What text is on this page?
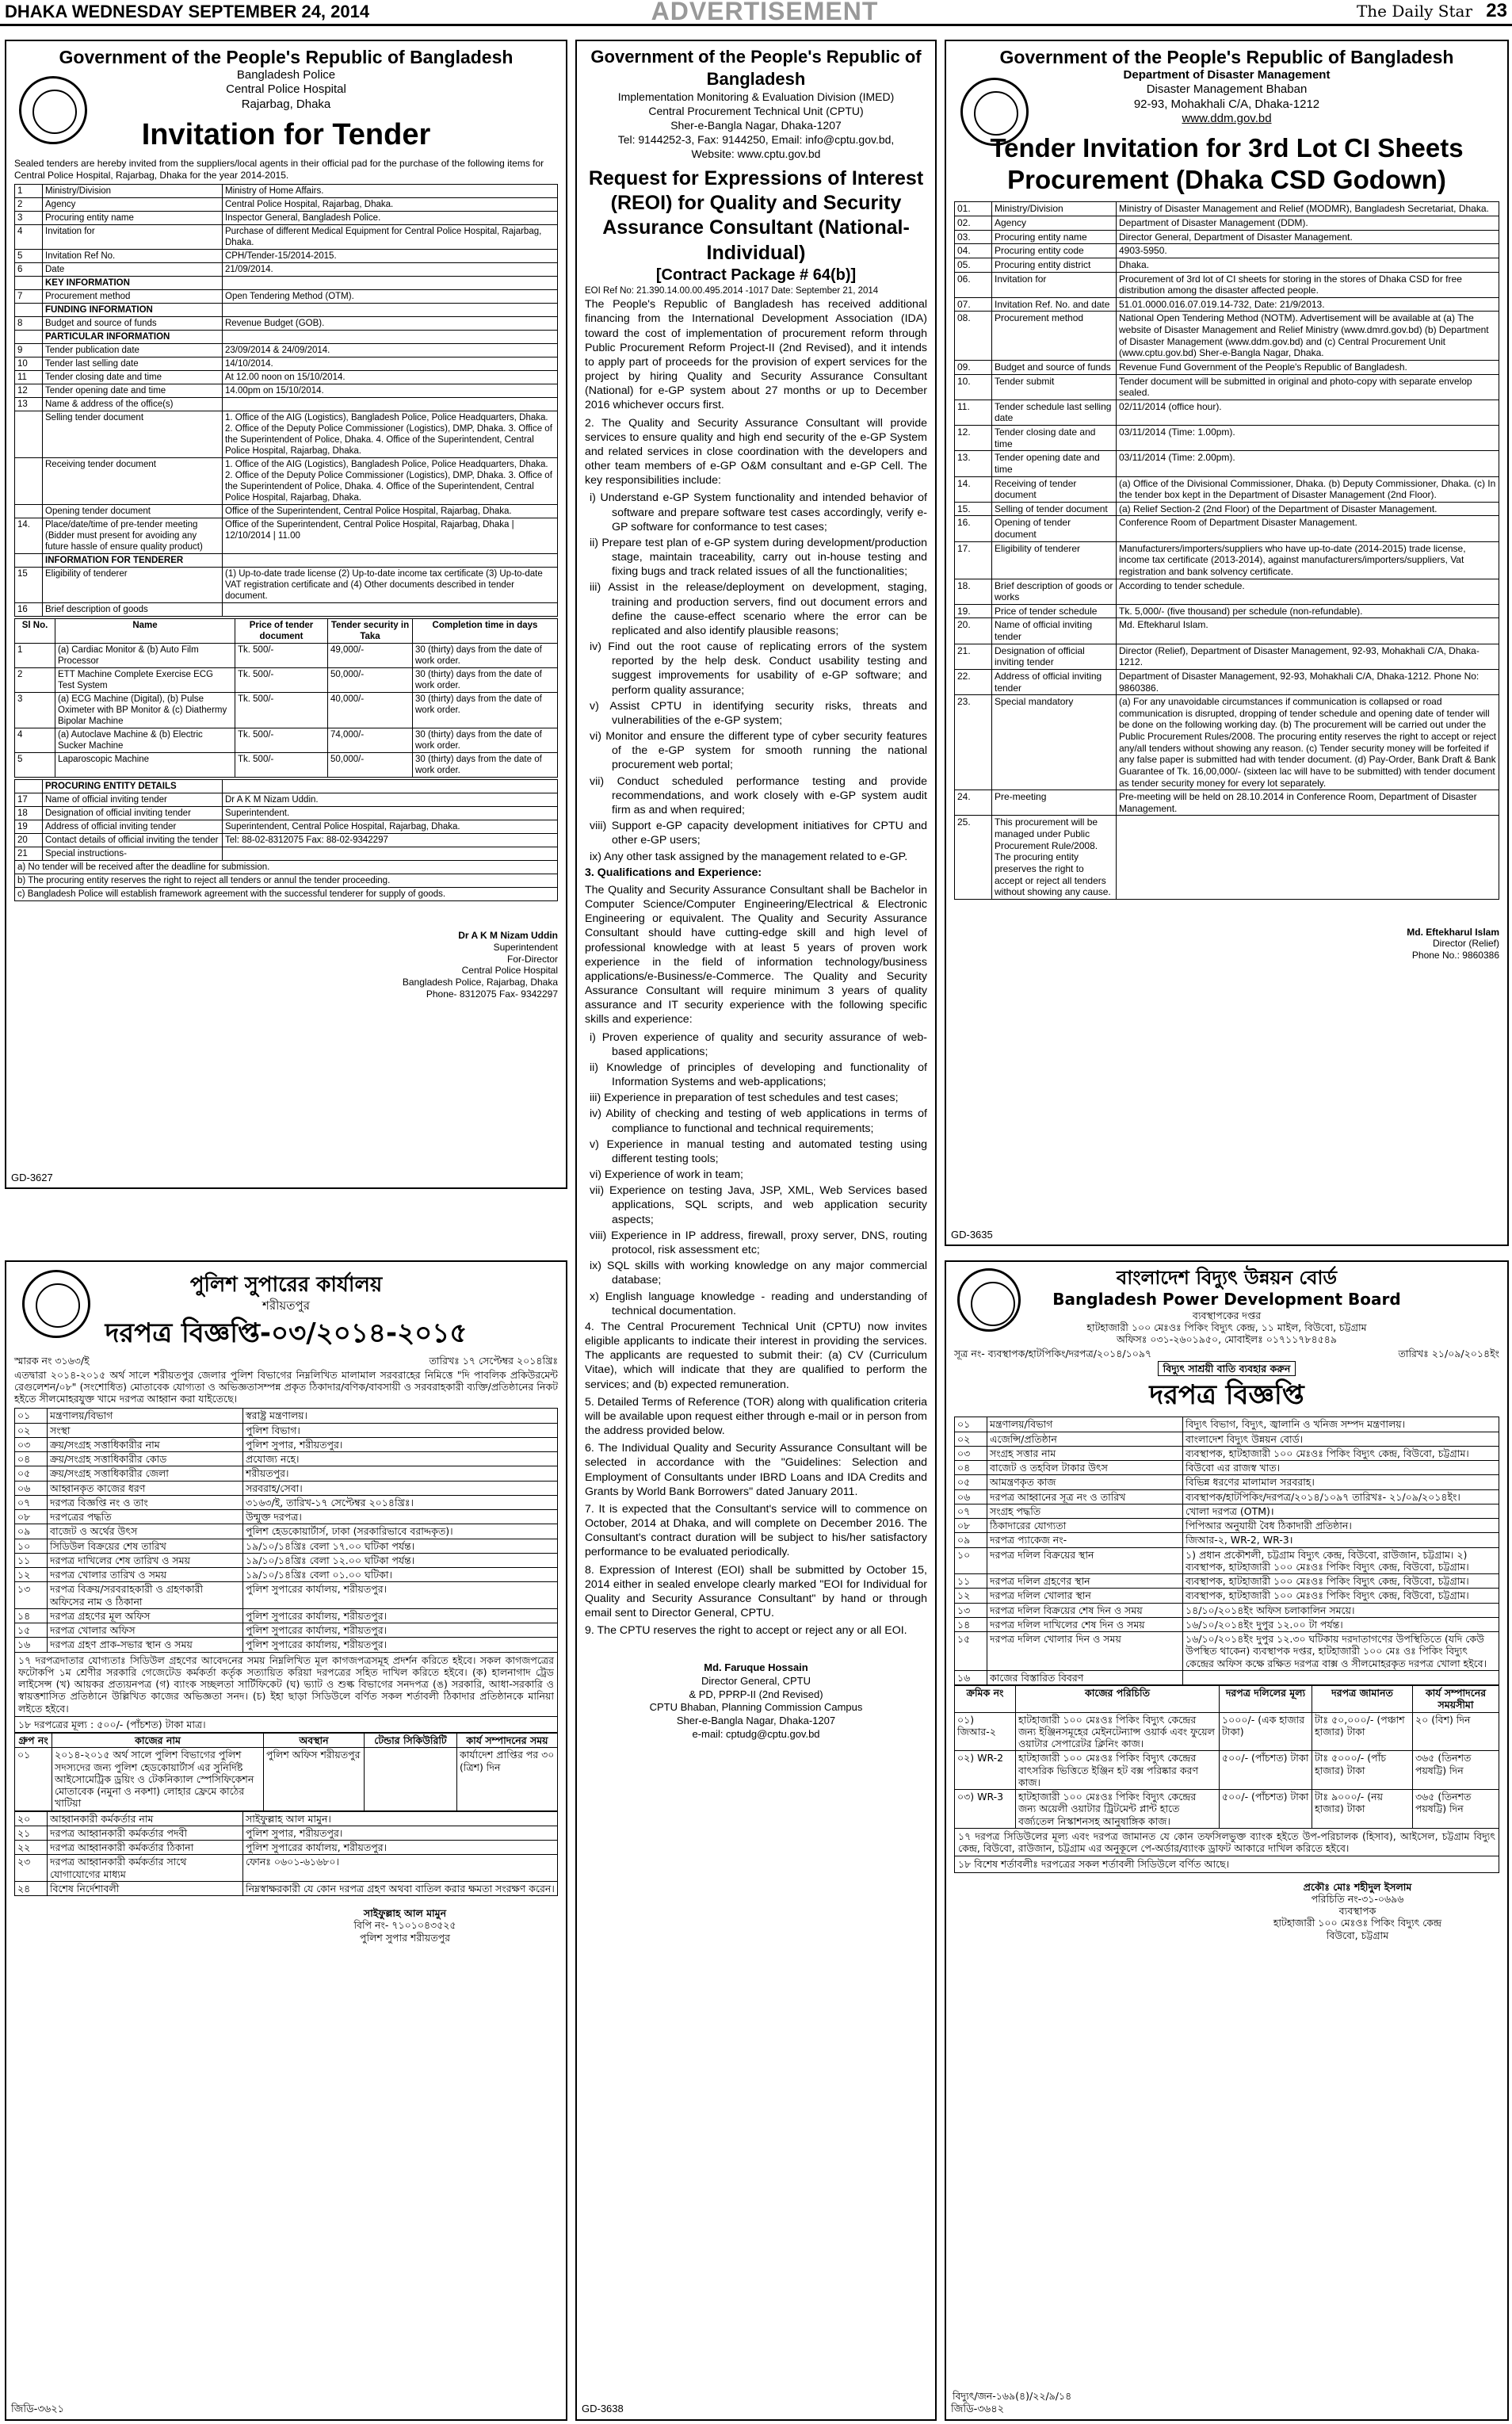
DHAKA WEDNESDAY SEPTEMBER 24, 2014	ADVERTISEMENT	The Daily Star 23
Government of the People's Republic of Bangladesh
Bangladesh Police
Central Police Hospital
Rajarbag, Dhaka
Invitation for Tender
Sealed tenders are hereby invited from the suppliers/local agents in their official pad for the purchase of the following items for Central Police Hospital, Rajarbag, Dhaka for the year 2014-2015.
1	Ministry/Division	Ministry of Home Affairs.
2	Agency	Central Police Hospital, Rajarbag, Dhaka.
3	Procuring entity name	Inspector General, Bangladesh Police.
4	Invitation for	Purchase of different Medical Equipment for Central Police Hospital, Rajarbag, Dhaka.
5	Invitation Ref No.	CPH/Tender-15/2014-2015.
6	Date	21/09/2014.
	KEY INFORMATION	
7	Procurement method	Open Tendering Method (OTM).
	FUNDING INFORMATION	
8	Budget and source of funds	Revenue Budget (GOB).
	PARTICULAR INFORMATION	
9	Tender publication date	23/09/2014 & 24/09/2014.
10	Tender last selling date	14/10/2014.
11	Tender closing date and time	At 12.00 noon on 15/10/2014.
12	Tender opening date and time	14.00pm on 15/10/2014.
13	Name & address of the office(s)	
	Selling tender document	1. Office of the AIG (Logistics), Bangladesh Police, Police Headquarters, Dhaka. 2. Office of the Deputy Police Commissioner (Logistics), DMP, Dhaka. 3. Office of the Superintendent of Police, Dhaka. 4. Office of the Superintendent, Central Police Hospital, Rajarbag, Dhaka.
	Receiving tender document	1. Office of the AIG (Logistics), Bangladesh Police, Police Headquarters, Dhaka. 2. Office of the Deputy Police Commissioner (Logistics), DMP, Dhaka. 3. Office of the Superintendent of Police, Dhaka. 4. Office of the Superintendent, Central Police Hospital, Rajarbag, Dhaka.
	Opening tender document	Office of the Superintendent, Central Police Hospital, Rajarbag, Dhaka.
14.	Place/date/time of pre-tender meeting (Bidder must present for avoiding any future hassle of ensure quality product)	Office of the Superintendent, Central Police Hospital, Rajarbag, Dhaka | 12/10/2014 | 11.00
	INFORMATION FOR TENDERER	
15	Eligibility of tenderer	(1) Up-to-date trade license (2) Up-to-date income tax certificate (3) Up-to-date VAT registration certificate and (4) Other documents described in tender document.
16	Brief description of goods	
Sl No.	Name	Price of tender document	Tender security in Taka	Completion time in days
1	(a) Cardiac Monitor & (b) Auto Film Processor	Tk. 500/-	49,000/-	30 (thirty) days from the date of work order.
2	ETT Machine Complete Exercise ECG Test System	Tk. 500/-	50,000/-	30 (thirty) days from the date of work order.
3	(a) ECG Machine (Digital), (b) Pulse Oximeter with BP Monitor & (c) Diathermy Bipolar Machine	Tk. 500/-	40,000/-	30 (thirty) days from the date of work order.
4	(a) Autoclave Machine & (b) Electric Sucker Machine	Tk. 500/-	74,000/-	30 (thirty) days from the date of work order.
5	Laparoscopic Machine	Tk. 500/-	50,000/-	30 (thirty) days from the date of work order.
	PROCURING ENTITY DETAILS	
17	Name of official inviting tender	Dr A K M Nizam Uddin.
18	Designation of official inviting tender	Superintendent.
19	Address of official inviting tender	Superintendent, Central Police Hospital, Rajarbag, Dhaka.
20	Contact details of official inviting the tender	Tel: 88-02-8312075 Fax: 88-02-9342297
21	Special instructions-	
a) No tender will be received after the deadline for submission.
b) The procuring entity reserves the right to reject all tenders or annul the tender proceeding.
c) Bangladesh Police will establish framework agreement with the successful tenderer for supply of goods.
Dr A K M Nizam Uddin
Superintendent
For-Director
Central Police Hospital
Bangladesh Police, Rajarbag, Dhaka
Phone- 8312075 Fax- 9342297
GD-3627
Government of the People's Republic of Bangladesh
Implementation Monitoring & Evaluation Division (IMED)
Central Procurement Technical Unit (CPTU)
Sher-e-Bangla Nagar, Dhaka-1207
Tel: 9144252-3, Fax: 9144250, Email: info@cptu.gov.bd,
Website: www.cptu.gov.bd
Request for Expressions of Interest (REOI) for Quality and Security Assurance Consultant (National-Individual)
[Contract Package # 64(b)]
EOI Ref No: 21.390.14.00.00.495.2014 -1017 Date: September 21, 2014

The People's Republic of Bangladesh has received additional financing from the International Development Association (IDA) toward the cost of implementation of procurement reform through Public Procurement Reform Project-II (2nd Revised), and it intends to apply part of proceeds for the provision of expert services for the project by hiring Quality and Security Assurance Consultant (National) for e-GP system about 27 months or up to December 2016 whichever occurs first.

2. The Quality and Security Assurance Consultant will provide services to ensure quality and high end security of the e-GP System and related services in close coordination with the developers and other team members of e-GP O&M consultant and e-GP Cell. The key responsibilities include:

i) Understand e-GP System functionality and intended behavior of software and prepare software test cases accordingly, verify e-GP software for conformance to test cases;
ii) Prepare test plan of e-GP system during development/production stage, maintain traceability, carry out in-house testing and fixing bugs and track related issues of all the functionalities;
iii) Assist in the release/deployment on development, staging, training and production servers, find out document errors and define the cause-effect scenario where the error can be replicated and also identify plausible reasons;
iv) Find out the root cause of replicating errors of the system reported by the help desk. Conduct usability testing and suggest improvements for usability of e-GP software; and perform quality assurance;
v) Assist CPTU in identifying security risks, threats and vulnerabilities of the e-GP system;
vi) Monitor and ensure the different type of cyber security features of the e-GP system for smooth running the national procurement web portal;
vii) Conduct scheduled performance testing and provide recommendations, and work closely with e-GP system audit firm as and when required;
viii) Support e-GP capacity development initiatives for CPTU and other e-GP users;
ix) Any other task assigned by the management related to e-GP.

3. Qualifications and Experience:

The Quality and Security Assurance Consultant shall be Bachelor in Computer Science/Computer Engineering/Electrical & Electronic Engineering or equivalent. The Quality and Security Assurance Consultant should have cutting-edge skill and high level of professional knowledge with at least 5 years of proven work experience in the field of information technology/business applications/e-Business/e-Commerce. The Quality and Security Assurance Consultant will require minimum 3 years of quality assurance and IT security experience with the following specific skills and experience:

i) Proven experience of quality and security assurance of web-based applications;
ii) Knowledge of principles of developing and functionality of Information Systems and web-applications;
iii) Experience in preparation of test schedules and test cases;
iv) Ability of checking and testing of web applications in terms of compliance to functional and technical requirements;
v) Experience in manual testing and automated testing using different testing tools;
vi) Experience of work in team;
vii) Experience on testing Java, JSP, XML, Web Services based applications, SQL scripts, and web application security aspects;
viii) Experience in IP address, firewall, proxy server, DNS, routing protocol, risk assessment etc;
ix) SQL skills with working knowledge on any major commercial database;
x) English language knowledge - reading and understanding of technical documentation.

4. The Central Procurement Technical Unit (CPTU) now invites eligible applicants to indicate their interest in providing the services. The applicants are requested to submit their: (a) CV (Curriculum Vitae), which will indicate that they are qualified to perform the services; and (b) expected remuneration.

5. Detailed Terms of Reference (TOR) along with qualification criteria will be available upon request either through e-mail or in person from the address provided below.

6. The Individual Quality and Security Assurance Consultant will be selected in accordance with the "Guidelines: Selection and Employment of Consultants under IBRD Loans and IDA Credits and Grants by World Bank Borrowers" dated January 2011.

7. It is expected that the Consultant's service will to commence on October, 2014 at Dhaka, and will complete on December 2016. The Consultant's contract duration will be subject to his/her satisfactory performance to be evaluated periodically.

8. Expression of Interest (EOI) shall be submitted by October 15, 2014 either in sealed envelope clearly marked "EOI for Individual for Quality and Security Assurance Consultant" by hand or through email sent to Director General, CPTU.

9. The CPTU reserves the right to accept or reject any or all EOI.

Md. Faruque Hossain
Director General, CPTU
& PD, PPRP-II (2nd Revised)
CPTU Bhaban, Planning Commission Campus
Sher-e-Bangla Nagar, Dhaka-1207
e-mail: cptudg@cptu.gov.bd
GD-3638
Government of the People's Republic of Bangladesh
Department of Disaster Management
Disaster Management Bhaban
92-93, Mohakhali C/A, Dhaka-1212
www.ddm.gov.bd
Tender Invitation for 3rd Lot CI Sheets Procurement (Dhaka CSD Godown)
01.	Ministry/Division	Ministry of Disaster Management and Relief (MODMR), Bangladesh Secretariat, Dhaka.
02.	Agency	Department of Disaster Management (DDM).
03.	Procuring entity name	Director General, Department of Disaster Management.
04.	Procuring entity code	4903-5950.
05.	Procuring entity district	Dhaka.
06.	Invitation for	Procurement of 3rd lot of CI sheets for storing in the stores of Dhaka CSD for free distribution among the disaster affected people.
07.	Invitation Ref. No. and date	51.01.0000.016.07.019.14-732, Date: 21/9/2013.
08.	Procurement method	National Open Tendering Method (NOTM). Advertisement will be available at (a) The website of Disaster Management and Relief Ministry (www.dmrd.gov.bd) (b) Department of Disaster Management (www.ddm.gov.bd) and (c) Central Procurement Unit (www.cptu.gov.bd) Sher-e-Bangla Nagar, Dhaka.
09.	Budget and source of funds	Revenue Fund Government of the People's Republic of Bangladesh.
10.	Tender submit	Tender document will be submitted in original and photo-copy with separate envelop sealed.
11.	Tender schedule last selling date	02/11/2014 (office hour).
12.	Tender closing date and time	03/11/2014 (Time: 1.00pm).
13.	Tender opening date and time	03/11/2014 (Time: 2.00pm).
14.	Receiving of tender document	(a) Office of the Divisional Commissioner, Dhaka. (b) Deputy Commissioner, Dhaka. (c) In the tender box kept in the Department of Disaster Management (2nd Floor).
15.	Selling of tender document	(a) Relief Section-2 (2nd Floor) of the Department of Disaster Management.
16.	Opening of tender document	Conference Room of Department Disaster Management.
17.	Eligibility of tenderer	Manufacturers/importers/suppliers who have up-to-date (2014-2015) trade license, income tax certificate (2013-2014), against manufacturers/importers/suppliers, Vat registration and bank solvency certificate.
18.	Brief description of goods or works	According to tender schedule.
19.	Price of tender schedule	Tk. 5,000/- (five thousand) per schedule (non-refundable).
20.	Name of official inviting tender	Md. Eftekharul Islam.
21.	Designation of official inviting tender	Director (Relief), Department of Disaster Management, 92-93, Mohakhali C/A, Dhaka-1212.
22.	Address of official inviting tender	Department of Disaster Management, 92-93, Mohakhali C/A, Dhaka-1212. Phone No: 9860386.
23.	Special mandatory	(a) For any unavoidable circumstances if communication is collapsed or road communication is disrupted, dropping of tender schedule and opening date of tender will be done on the following working day. (b) The procurement will be carried out under the Public Procurement Rules/2008. The procuring entity reserves the right to accept or reject any/all tenders without showing any reason. (c) Tender security money will be forfeited if any false paper is submitted had with tender document. (d) Pay-Order, Bank Draft & Bank Guarantee of Tk. 16,00,000/- (sixteen lac will have to be submitted) with tender document as tender security money for every lot separately.
24.	Pre-meeting	Pre-meeting will be held on 28.10.2014 in Conference Room, Department of Disaster Management.
25.	This procurement will be managed under Public Procurement Rule/2008. The procuring entity preserves the right to accept or reject all tenders without showing any cause.	
Md. Eftekharul Islam
Director (Relief)
Phone No.: 9860386
GD-3635
পুলিশ সুপারের কার্যালয়
শরীয়তপুর
দরপত্র বিজ্ঞপ্তি-০৩/২০১৪-২০১৫
স্মারক নং ৩১৬৩/ই	তারিখঃ ১৭ সেপ্টেম্বর ২০১৪খ্রিঃ
এতদ্বারা ২০১৪-২০১৫ অর্থ সালে শরীয়তপুর জেলার পুলিশ বিভাগের নিম্নলিখিত মালামাল সরবরাহের নিমিত্তে "দি পাবলিক প্রকিউরমেন্ট রেগুলেশন/০৮" (সংশোধিত) মোতাবেক যোগ্যতা ও অভিজ্ঞতাসম্পন্ন প্রকৃত ঠিকাদার/বণিক/বাবসায়ী ও সরবরাহকারী ব্যক্তি/প্রতিষ্ঠানের নিকট হইতে সীলমোহরযুক্ত খামে দরপত্র আহ্বান করা যাইতেছে।
০১	মন্ত্রণালয়/বিভাগ	স্বরাষ্ট্র মন্ত্রণালয়।
০২	সংস্থা	পুলিশ বিভাগ।
০৩	ক্রয়/সংগ্রহ সত্তাধিকারীর নাম	পুলিশ সুপার, শরীয়তপুর।
০৪	ক্রয়/সংগ্রহ সত্তাধিকারীর কোড	প্রযোজ্য নহে।
০৫	ক্রয়/সংগ্রহ সত্তাধিকারীর জেলা	শরীয়তপুর।
০৬	আহ্বানকৃত কাজের ধরণ	সরবরাহ/সেবা।
০৭	দরপত্র বিজ্ঞপ্তি নং ও তাং	৩১৬৩/ই, তারিখ-১৭ সেপ্টেম্বর ২০১৪খ্রিঃ।
০৮	দরপত্রের পদ্ধতি	উন্মুক্ত দরপত্র।
০৯	বাজেট ও অর্থের উৎস	পুলিশ হেডকোয়ার্টার্স, ঢাকা (সরকারিভাবে বরাদ্দকৃত)।
১০	সিডিউল বিক্রয়ের শেষ তারিখ	১৯/১০/১৪খ্রিঃ বেলা ১৭.০০ ঘটিকা পর্যন্ত।
১১	দরপত্র দাখিলের শেষ তারিখ ও সময়	১৯/১০/১৪খ্রিঃ বেলা ১২.০০ ঘটিকা পর্যন্ত।
১২	দরপত্র খোলার তারিখ ও সময়	১৯/১০/১৪খ্রিঃ বেলা ০১.০০ ঘটিকা।
১৩	দরপত্র বিক্রয়/সরবরাহকারী ও গ্রহণকারী অফিসের নাম ও ঠিকানা	পুলিশ সুপারের কার্যালয়, শরীয়তপুর।
১৪	দরপত্র গ্রহণের মূল অফিস	পুলিশ সুপারের কার্যালয়, শরীয়তপুর।
১৫	দরপত্র খোলার অফিস	পুলিশ সুপারের কার্যালয়, শরীয়তপুর।
১৬	দরপত্র গ্রহণ প্রাক-সভার স্থান ও সময়	পুলিশ সুপারের কার্যালয়, শরীয়তপুর।
১৭ দরপত্রদাতার যোগ্যতাঃ সিডিউল গ্রহণের আবেদনের সময় নিম্নলিখিত মূল কাগজপত্রসমূহ প্রদর্শন করিতে হইবে। সকল কাগজপত্রের ফটোকপি ১ম শ্রেণীর সরকারি গেজেটেড কর্মকর্তা কর্তৃক সত্যায়িত করিয়া দরপত্রের সহিত দাখিল করিতে হইবে। (ক) হালনাগাদ ট্রেড লাইসেন্স (খ) আয়কর প্রত্যয়নপত্র (গ) ব্যাংক সচ্ছলতা সার্টিফিকেট (ঘ) ভ্যাট ও শুল্ক বিভাগের সনদপত্র (ঙ) সরকারি, আধা-সরকারি ও স্বায়ত্তশাসিত প্রতিষ্ঠানে উল্লিখিত কাজের অভিজ্ঞতা সনদ। (চ) ইহা ছাড়া সিডিউলে বর্ণিত সকল শর্তাবলী ঠিকাদার প্রতিষ্ঠানকে মানিয়া লইতে হইবে।
১৮ দরপত্রের মূল্য : ৫০০/- (পাঁচশত) টাকা মাত্র।
গ্রুপ নং	কাজের নাম	অবস্থান	টেন্ডার সিকিউরিটি	কার্য সম্পাদনের সময়
০১	২০১৪-২০১৫ অর্থ সালে পুলিশ বিভাগের পুলিশ সদস্যদের জন্য পুলিশ হেডকোয়ার্টার্স এর সুনির্দিষ্ট আইসোমেট্রিক ড্রয়িং ও টেকনিক্যাল স্পেসিফিকেশন মোতাবেক (নমুনা ও নকশা) লোহার ফ্রেমে কাঠের খাটিয়া	পুলিশ অফিস শরীয়তপুর		কার্যাদেশ প্রাপ্তির পর ৩০ (ত্রিশ) দিন
২০	আহ্বানকারী কর্মকর্তার নাম	সাইফুল্লাহ আল মামুন।
২১	দরপত্র আহ্বানকারী কর্মকর্তার পদবী	পুলিশ সুপার, শরীয়তপুর।
২২	দরপত্র আহ্বানকারী কর্মকর্তার ঠিকানা	পুলিশ সুপারের কার্যালয়, শরীয়তপুর।
২৩	দরপত্র আহ্বানকারী কর্মকর্তার সাথে যোগাযোগের মাধ্যম	ফোনঃ ০৬০১-৬১৬৮০।
২৪	বিশেষ নির্দেশাবলী	নিম্নস্বাক্ষরকারী যে কোন দরপত্র গ্রহণ অথবা বাতিল করার ক্ষমতা সংরক্ষণ করেন।
সাইফুল্লাহ আল মামুন
বিপি নং- ৭১০১০৪৩৫২৫
পুলিশ সুপার শরীয়তপুর
জিডি-৩৬২১
বাংলাদেশ বিদ্যুৎ উন্নয়ন বোর্ড
Bangladesh Power Development Board
ব্যবস্থাপকের দপ্তর
হাটহাজারী ১০০ মেঃওঃ পিকিং বিদ্যুৎ কেন্দ্র, ১১ মাইল, বিউবো, চট্টগ্রাম
অফিসঃ ০৩১-২৬০১৯৫০, মোবাইলঃ ০১৭১১৭৮৪৫৪৯
সূত্র নং- ব্যবস্থাপক/হাটপিকিং/দরপত্র/২০১৪/১০৯৭	তারিখঃ ২১/০৯/২০১৪ইং
বিদ্যুৎ সাশ্রয়ী বাতি ব্যবহার করুন
দরপত্র বিজ্ঞপ্তি
০১	মন্ত্রণালয়/বিভাগ	বিদ্যুৎ বিভাগ, বিদ্যুৎ, জ্বালানি ও খনিজ সম্পদ মন্ত্রণালয়।
০২	এজেন্সি/প্রতিষ্ঠান	বাংলাদেশ বিদ্যুৎ উন্নয়ন বোর্ড।
০৩	সংগ্রহ সত্তার নাম	ব্যবস্থাপক, হাটহাজারী ১০০ মেঃওঃ পিকিং বিদ্যুৎ কেন্দ্র, বিউবো, চট্টগ্রাম।
০৪	বাজেট ও তহবিল টাকার উৎস	বিউবো এর রাজস্ব খাত।
০৫	আমন্ত্রণকৃত কাজ	বিভিন্ন ধরণের মালামাল সরবরাহ।
০৬	দরপত্র আহ্বানের সূত্র নং ও তারিখ	ব্যবস্থাপক/হাটপিকিং/দরপত্র/২০১৪/১০৯৭ তারিখঃ- ২১/০৯/২০১৪ইং।
০৭	সংগ্রহ পদ্ধতি	খোলা দরপত্র (OTM)।
০৮	ঠিকাদারের যোগ্যতা	পিপিআর অনুযায়ী বৈধ ঠিকাদারী প্রতিষ্ঠান।
০৯	দরপত্র প্যাকেজ নং-	জিআর-২, WR-2, WR-3।
১০	দরপত্র দলিল বিক্রয়ের স্থান	১) প্রধান প্রকৌশলী, চট্টগ্রাম বিদ্যুৎ কেন্দ্র, বিউবো, রাউজান, চট্টগ্রাম। ২) ব্যবস্থাপক, হাটহাজারী ১০০ মেঃওঃ পিকিং বিদ্যুৎ কেন্দ্র, বিউবো, চট্টগ্রাম।
১১	দরপত্র দলিল গ্রহণের স্থান	ব্যবস্থাপক, হাটহাজারী ১০০ মেঃওঃ পিকিং বিদ্যুৎ কেন্দ্র, বিউবো, চট্টগ্রাম।
১২	দরপত্র দলিল খোলার স্থান	ব্যবস্থাপক, হাটহাজারী ১০০ মেঃওঃ পিকিং বিদ্যুৎ কেন্দ্র, বিউবো, চট্টগ্রাম।
১৩	দরপত্র দলিল বিক্রয়ের শেষ দিন ও সময়	১৪/১০/২০১৪ইং অফিস চলাকালিন সময়ে।
১৪	দরপত্র দলিল দাখিলের শেষ দিন ও সময়	১৬/১০/২০১৪ইং দুপুর ১২.০০ টা পর্যন্ত।
১৫	দরপত্র দলিল খোলার দিন ও সময়	১৬/১০/২০১৪ইং দুপুর ১২.৩০ ঘটিকায় দরদাতাগণের উপস্থিতিতে (যদি কেউ উপস্থিত থাকেন) ব্যবস্থাপক দপ্তর, হাটহাজারী ১০০ মেঃ ওঃ পিকিং বিদ্যুৎ কেন্দ্রের অফিস কক্ষে রক্ষিত দরপত্র বাক্স ও সীলমোহরকৃত দরপত্র খোলা হইবে।
১৬	কাজের বিস্তারিত বিবরণ	
ক্রমিক নং	কাজের পরিচিতি	দরপত্র দলিলের মূল্য	দরপত্র জামানত	কার্য সম্পাদনের সময়সীমা
০১) জিআর-২	হাটহাজারী ১০০ মেঃওঃ পিকিং বিদ্যুৎ কেন্দ্রের জন্য ইঞ্জিনসমূহের মেইনটেন্যান্স ওয়ার্ক এবং ফুয়েল ওয়াটার সেপারেটর ক্লিনিং কাজ।	১০০০/- (এক হাজার টাকা)	টাঃ ৫০,০০০/- (পঞ্চাশ হাজার) টাকা	২০ (বিশ) দিন
০২) WR-2	হাটহাজারী ১০০ মেঃওঃ পিকিং বিদ্যুৎ কেন্দ্রের বাৎসরিক ভিত্তিতে ইঞ্জিন হট বক্স পরিষ্কার করণ কাজ।	৫০০/- (পাঁচশত) টাকা	টাঃ ৫০০০/- (পাঁচ হাজার) টাকা	৩৬৫ (তিনশত পয়ষট্টি) দিন
০৩) WR-3	হাটহাজারী ১০০ মেঃওঃ পিকিং বিদ্যুৎ কেন্দ্রের জন্য অয়েলী ওয়াটার ট্রিটমেন্ট প্লান্ট হাতে বর্জ্যতেল নিস্কাশনসহ আনুষাঙ্গিক কাজ।	৫০০/- (পাঁচশত) টাকা	টাঃ ৯০০০/- (নয় হাজার) টাকা	৩৬৫ (তিনশত পয়ষট্টি) দিন
১৭ দরপত্র সিডিউলের মূল্য এবং দরপত্র জামানত যে কোন তফসিলভুক্ত ব্যাংক হইতে উপ-পরিচালক (হিসাব), আইসেল, চট্টগ্রাম বিদ্যুৎ কেন্দ্র, বিউবো, রাউজান, চট্টগ্রাম এর অনুকূলে পে-অর্ডার/ব্যাংক ড্রাফট আকারে দাখিল করিতে হইবে।
১৮ বিশেষ শর্তাবলীঃ দরপত্রের সকল শর্তাবলী সিডিউলে বর্ণিত আছে।
প্রকৌঃ মোঃ শহীদুল ইসলাম
পরিচিতি নং-৩১-০৬৯৬
ব্যবস্থাপক
হাটহাজারী ১০০ মেঃওঃ পিকিং বিদ্যুৎ কেন্দ্র
বিউবো, চট্টগ্রাম
বিদ্যুৎ/জন-১৬৯(৪)/২২/৯/১৪
জিডি-৩৬৪২
